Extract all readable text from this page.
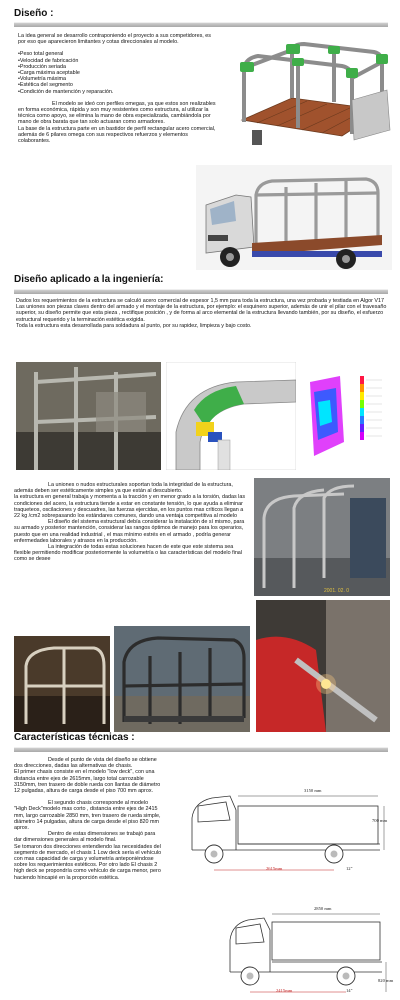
Diseño :

La idea general se desarrollo contraponiendo el proyecto a sus competidores, es por eso que aparecieron limitantes y cotas direccionales al modelo.

•Peso total general
•Velocidad de fabricación
•Producción seriada
•Carga máxima aceptable
•Volumetría máxima
•Estética del segmento
•Condición de mantención y reparación.

El modelo se ideó con perfiles omegas, ya que estos son realizables en forma económica, rápida y son muy resistentes como estructura, al utilizar la técnica como apoyo, se elimina la mano de obra especializada, cambiándola por mano de obra barata que tan solo actuaran como armadores.

La base de la estructura parte en un bastidor de perfil rectangular acero comercial, además de 6 pilares omega con sus respectivos refuerzos y elementos colaborantes.

Diseño aplicado a la ingeniería:

Dados los requerimientos de la estructura se calculó acero comercial de espesor 1,5 mm para toda la estructura, una vez probada y testiada en Algor V17

Las uniones son piezas claves dentro del armado y el montaje de la estructura, por ejemplo: el esquinero superior, además de unir el pilar con el travesaño superior, su diseño permite que esta pieza , rectifique posición , y de forma al arco elemental de la estructura llevando también, por su diseño, el esfuerzo estructural requerido y la terminación estética exigida.

Toda la estructura esta desarrollada para soldadura al punto, por su rapidez, limpieza y bajo costo.

La uniones o nudos estructurales soportan toda la integridad de la estructura, además deben ser estéticamente simples ya que están al descubierto.

la estructura en general trabaja y momenta a la tracción y en menor grado a la torsión, dadas las condiciones del acero, la estructura tiende a estar en constante tensión, lo que ayuda a eliminar traqueteos, oscilaciones y descuadres, las fuerzas ejercidas, en los puntos mas críticos llegan a 22 kg /cm2 sobrepasando los estándares comunes, dando una ventaja competitiva al modelo

El diseño del sistema estructural debía considerar la instalación de sí mismo, para su armado y posterior mantención, considerar las rangos óptimos de manejo para los operarios, puesto que en una realidad industrial , el mas mínimo estrés en el armado , podría generar enfermedades laborales y atrasos en la producción.

La integración de todas estas soluciones hacen de este que este sistema sea flexible permitiendo modificar posteriormente la volumetría o las características del modelo final como se desee

2001. 02. 0
Características técnicas :

Desde el punto de vista del diseño se obtiene dos direcciones, dadas las alternativas de chasis.

El primer chasis consiste en el modelo "low deck", con una distancia entre ejes de 2615mm, largo total carrozable 3150mm, tren trasero de doble rueda con llantas de diámetro 12 pulgadas, altura de carga desde el piso 700 mm aprox.

El segundo chasis corresponde al modelo "High Deck"modelo mas corto , distancia entre ejes de 2415 mm, largo carrozable 2850 mm, tren trasero de rueda simple, diámetro 14 pulgadas, altura de carga desde el piso 820 mm aprox.

Dentro de estas dimensiones se trabajó para dar dimensiones generales al modelo final.

Se tomaron dos direcciones entendiendo las necesidades del segmento de mercado, el chasis 1 Low deck sería el vehículo con mas capacidad de carga y volumetría anteponiéndose sobre los requerimientos estéticos. Por otro lado El chasis 2 high deck se propondría como vehículo de carga menor, pero haciendo hincapié en la proporción estética.

3150 mm
700 mm
2615mm	12"
2850 mm
2415mm	14"
820 mm
